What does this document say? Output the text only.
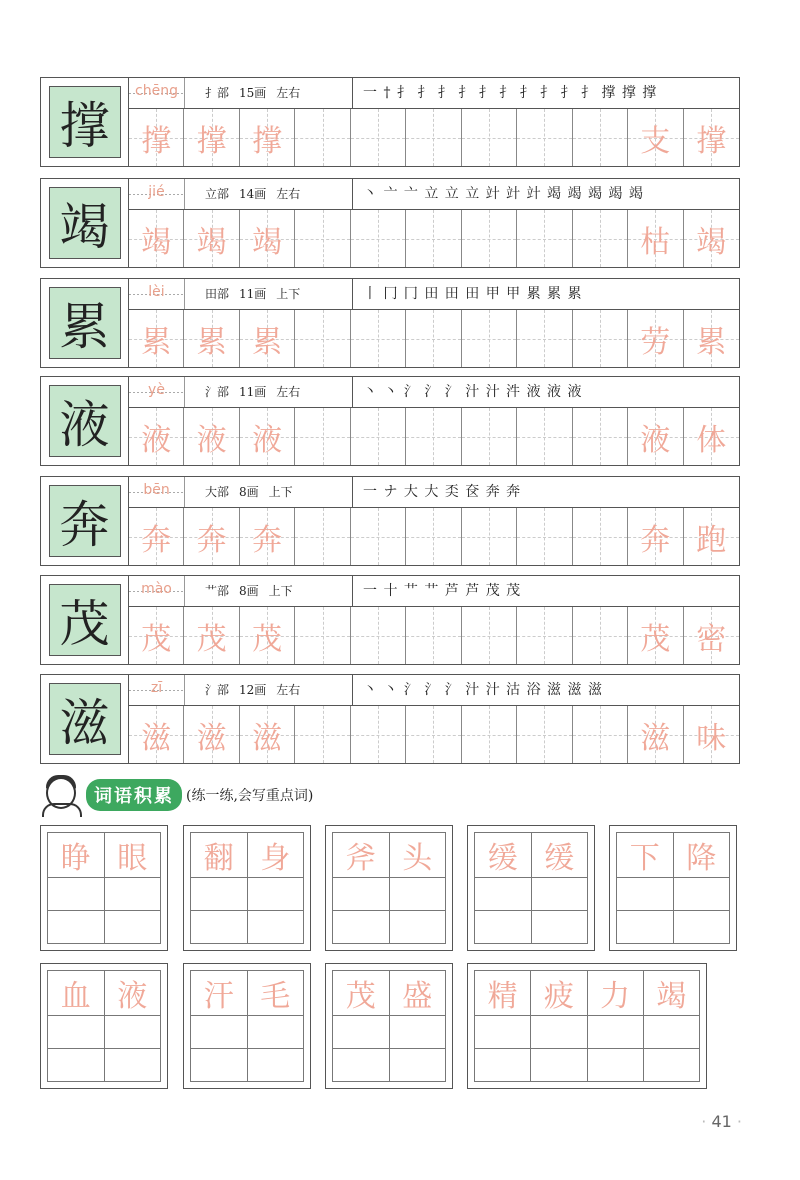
撑
chēng	扌部 15画 左右	一 † 扌 扌 扌 扌 扌 扌 扌 扌 扌 扌 撑 撑 撑
撑 撑 撑	支 撑
竭
jié	立部 14画 左右	丶 亠 亠 立 立 立 竍 竍 竍 竭 竭 竭 竭 竭
竭 竭 竭	枯 竭
累
lèi	田部 11画 上下	丨 冂 冂 田 田 田 甲 甲 累 累 累
累 累 累	劳 累
液
yè	氵部 11画 左右	丶 丶 氵 氵 氵 汁 汁 汼 液 液 液
液 液 液	液 体
奔
bēn	大部 8画 上下	一 ナ 大 大 奀 奁 奔 奔
奔 奔 奔	奔 跑
茂
mào	艹部 8画 上下	一 十 艹 艹 芦 芦 茂 茂
茂 茂 茂	茂 密
滋
zī	氵部 12画 左右	丶 丶 氵 氵 氵 汁 汁 沽 浴 滋 滋 滋
滋 滋 滋	滋 味
词语积累 (练一练,会写重点词)
睁 眼	翻 身	斧 头	缓 缓	下 降
血 液	汗 毛	茂 盛	精 疲 力 竭
· 41 ·
